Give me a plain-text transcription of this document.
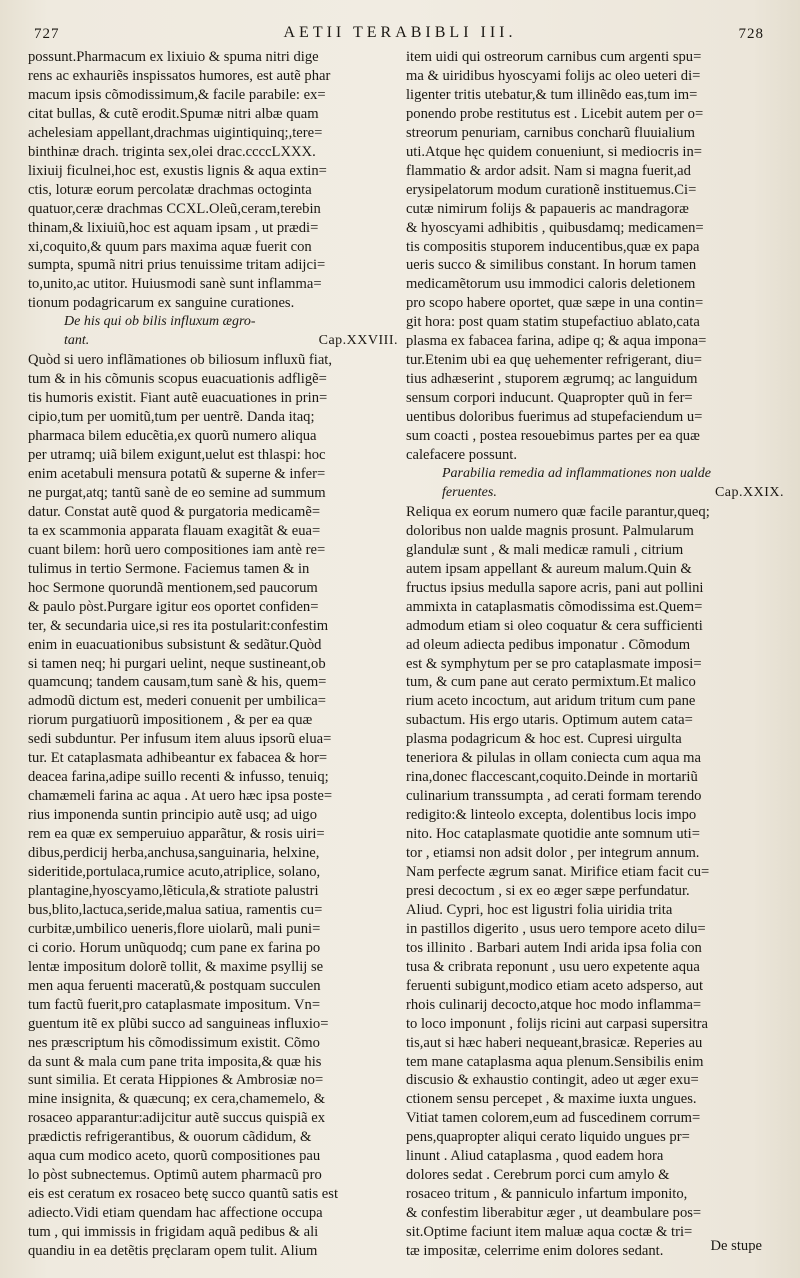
727	AETII TERABIBLI III.	728
possunt.Pharmacum ex lixiuio & spuma nitri dige
rens ac exhauriẽs inspissatos humores, est autẽ phar
macum ipsis cõmodissimum,& facile parabile: ex=
citat bullas, & cutẽ erodit.Spumæ nitri albæ quam
achelesiam appellant,drachmas uigintiquinq;,tere=
binthinæ drach. triginta sex,olei drac.ccccLXXX.
lixiuij ficulnei,hoc est, exustis lignis & aqua extin=
ctis, loturæ eorum percolatæ drachmas octoginta
quatuor,ceræ drachmas CCXL.Oleũ,ceram,terebin
thinam,& lixiuiũ,hoc est aquam ipsam , ut prædi=
xi,coquito,& quum pars maxima aquæ fuerit con
sumpta, spumã nitri prius tenuissime tritam adijci=
to,unito,ac utitor. Huiusmodi sanè sunt inflamma=
tionum podagricarum ex sanguine curationes.
De his qui ob bilis influxum ægro-
tant.	Cap.XXVIII.
Quòd si uero inflãmationes ob biliosum influxũ fiat,
tum & in his cõmunis scopus euacuationis adfligẽ=
tis humoris existit. Fiant autẽ euacuationes in prin=
cipio,tum per uomitũ,tum per uentrẽ. Danda itaq;
pharmaca bilem educẽtia,ex quorũ numero aliqua
per utramq; uiã bilem exigunt,uelut est thlaspi: hoc
enim acetabuli mensura potatũ & superne & infer=
ne purgat,atq; tantũ sanè de eo semine ad summum
datur. Constat autẽ quod & purgatoria medicamẽ=
ta ex scammonia apparata flauam exagitãt & eua=
cuant bilem: horũ uero compositiones iam antè re=
tulimus in tertio Sermone. Faciemus tamen & in
hoc Sermone quorundã mentionem,sed paucorum
& paulo pòst.Purgare igitur eos oportet confiden=
ter, & secundaria uice,si res ita postularit:confestim
enim in euacuationibus subsistunt & sedãtur.Quòd
si tamen neq; hi purgari uelint, neque sustineant,ob
quamcunq; tandem causam,tum sanè & his, quem=
admodũ dictum est, mederi conuenit per umbilica=
riorum purgatiuorũ impositionem , & per ea quæ
sedi subduntur. Per infusum item aluus ipsorũ elua=
tur. Et cataplasmata adhibeantur ex fabacea & hor=
deacea farina,adipe suillo recenti & infusso, tenuiq;
chamæmeli farina ac aqua . At uero hæc ipsa poste=
rius imponenda suntin principio autẽ usq; ad uigo
rem ea quæ ex semperuiuo apparãtur, & rosis uiri=
dibus,perdicij herba,anchusa,sanguinaria, helxine,
sideritide,portulaca,rumice acuto,atriplice, solano,
plantagine,hyoscyamo,lẽticula,& stratiote palustri
bus,blito,lactuca,seride,malua satiua, ramentis cu=
curbitæ,umbilico ueneris,flore uiolarũ, mali puni=
ci corio. Horum unũquodq; cum pane ex farina po
lentæ impositum dolorẽ tollit, & maxime psyllij se
men aqua feruenti maceratũ,& postquam succulen
tum factũ fuerit,pro cataplasmate impositum. Vn=
guentum itẽ ex plũbi succo ad sanguineas influxio=
nes præscriptum his cõmodissimum existit. Cõmo
da sunt & mala cum pane trita imposita,& quæ his
sunt similia. Et cerata Hippiones & Ambrosiæ no=
mine insignita, & quæcunq; ex cera,chamemelo, &
rosaceo apparantur:adijcitur autẽ succus quispiã ex
prædictis refrigerantibus, & ouorum cãdidum, &
aqua cum modico aceto, quorũ compositiones pau
lo pòst subnectemus. Optimũ autem pharmacũ pro
eis est ceratum ex rosaceo betę succo quantũ satis est
adiecto.Vidi etiam quendam hac affectione occupa
tum , qui immissis in frigidam aquã pedibus & ali
quandiu in ea detẽtis pręclaram opem tulit. Alium
item uidi qui ostreorum carnibus cum argenti spu=
ma & uiridibus hyoscyami folijs ac oleo ueteri di=
ligenter tritis utebatur,& tum illinẽdo eas,tum im=
ponendo probe restitutus est . Licebit autem per o=
streorum penuriam, carnibus concharũ fluuialium
uti.Atque hęc quidem conueniunt, si mediocris in=
flammatio & ardor adsit. Nam si magna fuerit,ad
erysipelatorum modum curationẽ instituemus.Ci=
cutæ nimirum folijs & papaueris ac mandragoræ
& hyoscyami adhibitis , quibusdamq; medicamen=
tis compositis stuporem inducentibus,quæ ex papa
ueris succo & similibus constant. In horum tamen
medicamẽtorum usu immodici caloris deletionem
pro scopo habere oportet, quæ sæpe in una contin=
git hora: post quam statim stupefactiuo ablato,cata
plasma ex fabacea farina, adipe q; & aqua impona=
tur.Etenim ubi ea quę uehementer refrigerant, diu=
tius adhæserint , stuporem ægrumq; ac languidum
sensum corpori inducunt. Quapropter quũ in fer=
uentibus doloribus fuerimus ad stupefaciendum u=
sum coacti , postea resouebimus partes per ea quæ
calefacere possunt.
Parabilia remedia ad inflammationes non ualde
feruentes.	Cap.XXIX.
Reliqua ex eorum numero quæ facile parantur,queq;
doloribus non ualde magnis prosunt. Palmularum
glandulæ sunt , & mali medicæ ramuli , citrium
autem ipsam appellant & aureum malum.Quin &
fructus ipsius medulla sapore acris, pani aut pollini
ammixta in cataplasmatis cõmodissima est.Quem=
admodum etiam si oleo coquatur & cera sufficienti
ad oleum adiecta pedibus imponatur . Cõmodum
est & symphytum per se pro cataplasmate imposi=
tum, & cum pane aut cerato permixtum.Et malico
rium aceto incoctum, aut aridum tritum cum pane
subactum. His ergo utaris. Optimum autem cata=
plasma podagricum & hoc est. Cupresi uirgulta
teneriora & pilulas in ollam coniecta cum aqua ma
rina,donec flaccescant,coquito.Deinde in mortariũ
culinarium transsumpta , ad cerati formam terendo
redigito:& linteolo excepta, dolentibus locis impo
nito. Hoc cataplasmate quotidie ante somnum uti=
tor , etiamsi non adsit dolor , per integrum annum.
Nam perfecte ægrum sanat. Mirifice etiam facit cu=
presi decoctum , si ex eo æger sæpe perfundatur.
Aliud. Cypri, hoc est ligustri folia uiridia trita
in pastillos digerito , usus uero tempore aceto dilu=
tos illinito . Barbari autem Indi arida ipsa folia con
tusa & cribrata reponunt , usu uero expetente aqua
feruenti subigunt,modico etiam aceto adsperso, aut
rhois culinarij decocto,atque hoc modo inflamma=
to loco imponunt , folijs ricini aut carpasi supersitra
tis,aut si hæc haberi nequeant,brasicæ. Reperies au
tem mane cataplasma aqua plenum.Sensibilis enim
discusio & exhaustio contingit, adeo ut æger exu=
ctionem sensu percepet , & maxime iuxta ungues.
Vitiat tamen colorem,eum ad fuscedinem corrum=
pens,quapropter aliqui cerato liquido ungues pr=
linunt . Aliud cataplasma , quod eadem hora
dolores sedat . Cerebrum porci cum amylo &
rosaceo tritum , & panniculo infartum imponito,
& confestim liberabitur æger , ut deambulare pos=
sit.Optime faciunt item maluæ aqua coctæ & tri=
tæ impositæ, celerrime enim dolores sedant.	De stupe
